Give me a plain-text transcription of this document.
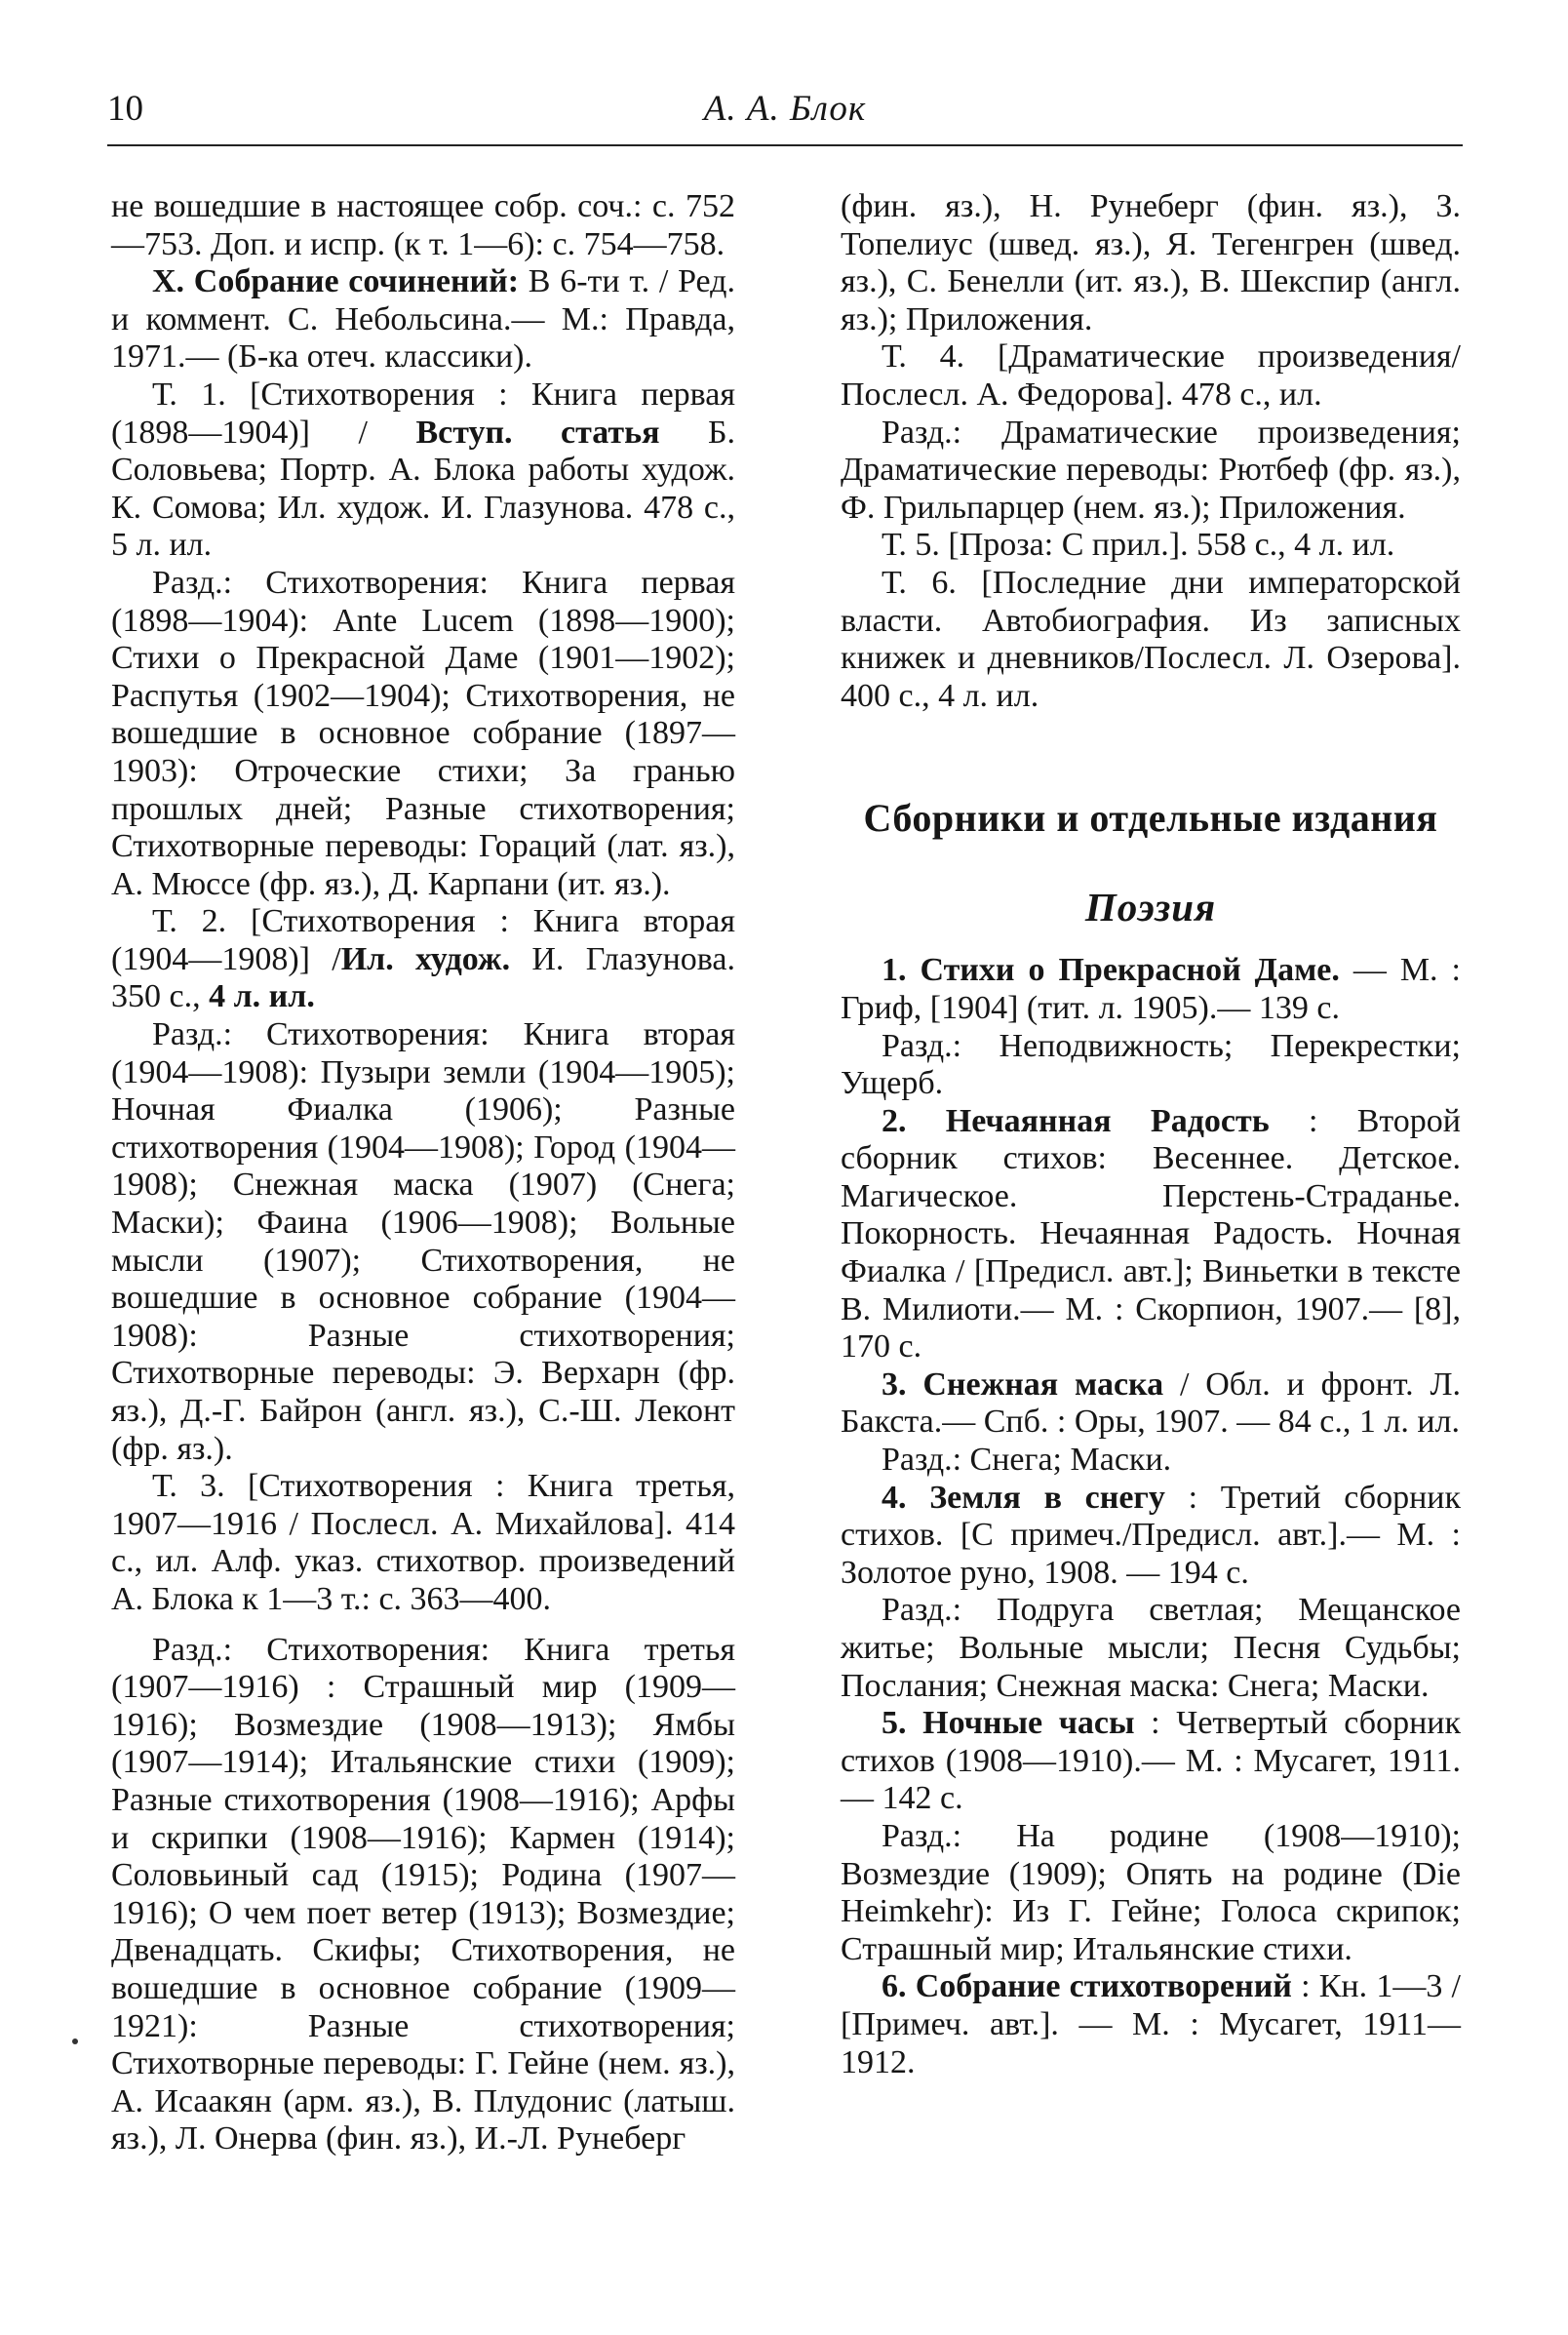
10	А. А. Блок

не вошедшие в настоящее собр. соч.: с. 752—753. Доп. и испр. (к т. 1—6): с. 754—758.

X. Собрание сочинений: В 6-ти т. / Ред. и коммент. С. Небольсина.— М.: Правда, 1971.— (Б-ка отеч. классики).

Т. 1. [Стихотворения : Книга первая (1898—1904)] / Вступ. статья Б. Соловьева; Портр. А. Блока работы худож. К. Сомова; Ил. худож. И. Глазунова. 478 с., 5 л. ил.

Разд.: Стихотворения: Книга первая (1898—1904): Ante Lucem (1898—1900); Стихи о Прекрасной Даме (1901—1902); Распутья (1902—1904); Стихотворения, не вошедшие в основное собрание (1897—1903): Отроческие стихи; За гранью прошлых дней; Разные стихотворения; Стихотворные переводы: Гораций (лат. яз.), А. Мюссе (фр. яз.), Д. Карпани (ит. яз.).

Т. 2. [Стихотворения : Книга вторая (1904—1908)] /Ил. худож. И. Глазунова. 350 с., 4 л. ил.

Разд.: Стихотворения: Книга вторая (1904—1908): Пузыри земли (1904—1905); Ночная Фиалка (1906); Разные стихотворения (1904—1908); Город (1904—1908); Снежная маска (1907) (Снега; Маски); Фаина (1906—1908); Вольные мысли (1907); Стихотворения, не вошедшие в основное собрание (1904—1908): Разные стихотворения; Стихотворные переводы: Э. Верхарн (фр. яз.), Д.-Г. Байрон (англ. яз.), С.-Ш. Леконт (фр. яз.).

Т. 3. [Стихотворения : Книга третья, 1907—1916 / Послесл. А. Михайлова]. 414 с., ил. Алф. указ. стихотвор. произведений А. Блока к 1—3 т.: с. 363—400.

Разд.: Стихотворения: Книга третья (1907—1916) : Страшный мир (1909—1916); Возмездие (1908—1913); Ямбы (1907—1914); Итальянские стихи (1909); Разные стихотворения (1908—1916); Арфы и скрипки (1908—1916); Кармен (1914); Соловьиный сад (1915); Родина (1907—1916); О чем поет ветер (1913); Возмездие; Двенадцать. Скифы; Стихотворения, не вошедшие в основное собрание (1909—1921): Разные стихотворения; Стихотворные переводы: Г. Гейне (нем. яз.), А. Исаакян (арм. яз.), В. Плудонис (латыш. яз.), Л. Онерва (фин. яз.), И.-Л. Рунеберг

(фин. яз.), Н. Рунеберг (фин. яз.), З. Топелиус (швед. яз.), Я. Тегенгрен (швед. яз.), С. Бенелли (ит. яз.), В. Шекспир (англ. яз.); Приложения.

Т. 4. [Драматические произведения/Послесл. А. Федорова]. 478 с., ил.

Разд.: Драматические произведения; Драматические переводы: Рютбеф (фр. яз.), Ф. Грильпарцер (нем. яз.); Приложения.

Т. 5. [Проза: С прил.]. 558 с., 4 л. ил.

Т. 6. [Последние дни императорской власти. Автобиография. Из записных книжек и дневников/Послесл. Л. Озерова]. 400 с., 4 л. ил.

Сборники и отдельные издания
Поэзия

1. Стихи о Прекрасной Даме. — М. : Гриф, [1904] (тит. л. 1905).— 139 с.

Разд.: Неподвижность; Перекрестки; Ущерб.

2. Нечаянная Радость : Второй сборник стихов: Весеннее. Детское. Магическое. Перстень-Страданье. Покорность. Нечаянная Радость. Ночная Фиалка / [Предисл. авт.]; Виньетки в тексте В. Милиоти.— М. : Скорпион, 1907.— [8], 170 с.

3. Снежная маска / Обл. и фронт. Л. Бакста.— Спб. : Оры, 1907. — 84 с., 1 л. ил.

Разд.: Снега; Маски.

4. Земля в снегу : Третий сборник стихов. [С примеч./Предисл. авт.].— М. : Золотое руно, 1908. — 194 с.

Разд.: Подруга светлая; Мещанское житье; Вольные мысли; Песня Судьбы; Послания; Снежная маска: Снега; Маски.

5. Ночные часы : Четвертый сборник стихов (1908—1910).— М. : Мусагет, 1911.— 142 с.

Разд.: На родине (1908—1910); Возмездие (1909); Опять на родине (Die Heimkehr): Из Г. Гейне; Голоса скрипок; Страшный мир; Итальянские стихи.

6. Собрание стихотворений : Кн. 1—3 / [Примеч. авт.]. — М. : Мусагет, 1911—1912.
